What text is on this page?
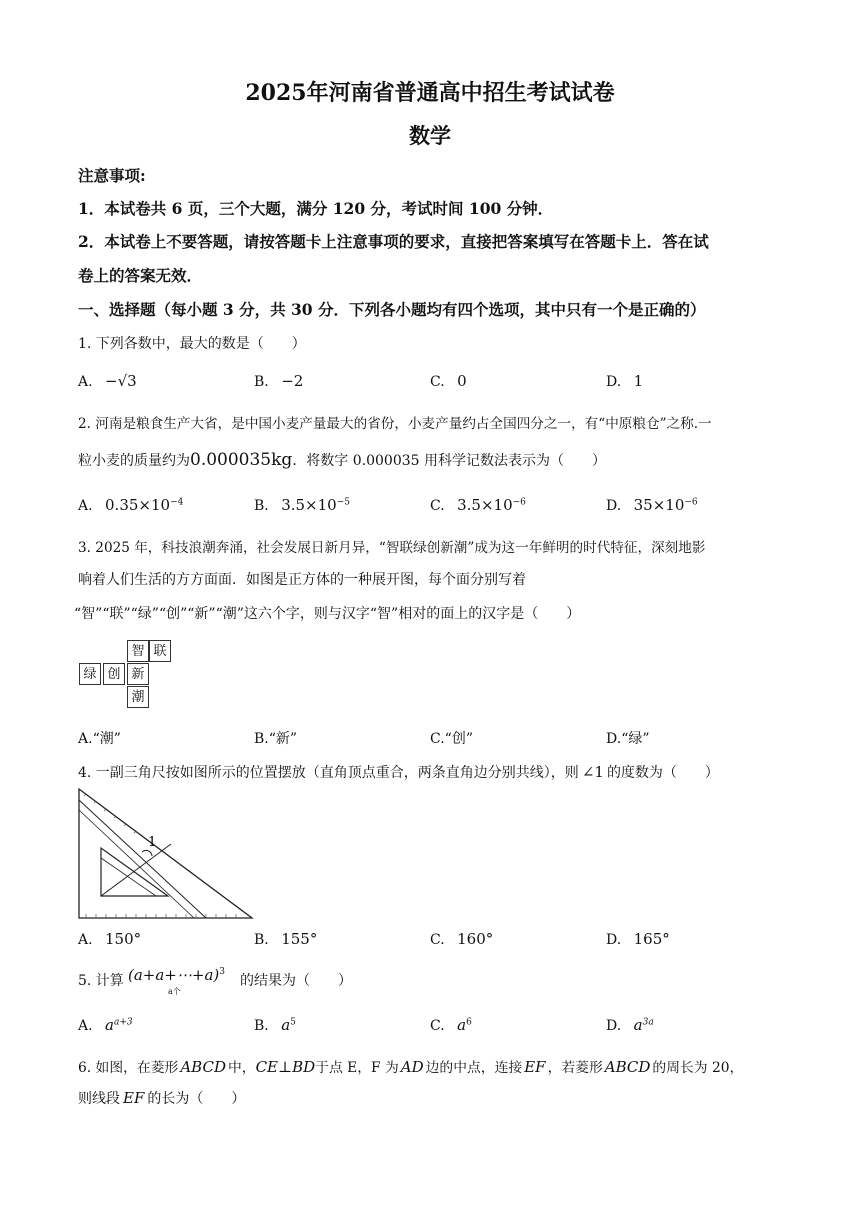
2025年河南省普通高中招生考试试卷
数学
注意事项:
1．本试卷共 6 页，三个大题，满分 120 分，考试时间 100 分钟．
2．本试卷上不要答题，请按答题卡上注意事项的要求，直接把答案填写在答题卡上．答在试
卷上的答案无效．
一、选择题（每小题 3 分，共 30 分．下列各小题均有四个选项，其中只有一个是正确的）
1. 下列各数中，最大的数是（　　）
A. −√3	B. −2	C. 0	D. 1
2. 河南是粮食生产大省，是中国小麦产量最大的省份，小麦产量约占全国四分之一，有“中原粮仓”之称.一
粒小麦的质量约为0.000035kg．将数字 0.000035 用科学记数法表示为（　　）
A. $0.35\times 10^{-4}$	B. $3.5\times 10^{-5}$	C. $3.5\times 10^{-6}$	D. $35\times 10^{-6}$
3. 2025 年，科技浪潮奔涌，社会发展日新月异，“智联绿创新潮”成为这一年鲜明的时代特征，深刻地影
响着人们生活的方方面面．如图是正方体的一种展开图，每个面分别写着
“智”“联”“绿”“创”“新”“潮”这六个字，则与汉字“智”相对的面上的汉字是（　　）
智 联
绿 创 新
潮
A.“潮”	B.“新”	C.“创”	D.“绿”
4. 一副三角尺按如图所示的位置摆放（直角顶点重合，两条直角边分别共线），则 ∠1 的度数为（　　）
1
A. 150°	B. 155°	C. 160°	D. 165°
5. 计算 (a+a+⋯+a)$^3$
a个
的结果为（　　）
A. $a^{a+3}$	B. $a^5$	C. $a^6$	D. $a^{3a}$
6. 如图，在菱形 ABCD 中，CE⊥BD于点 E，F 为 AD 边的中点，连接 EF ，若菱形 ABCD 的周长为 20，
则线段 EF 的长为（　　）
